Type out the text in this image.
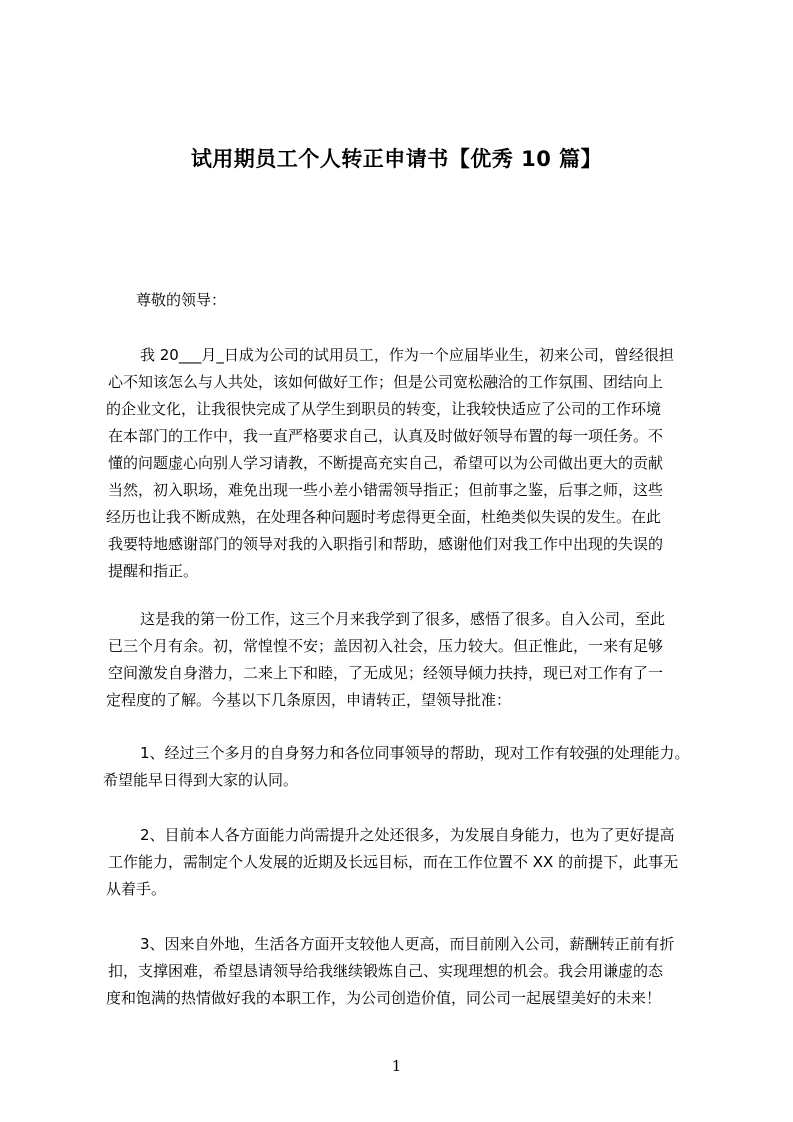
试用期员工个人转正申请书【优秀 10 篇】
尊敬的领导：
我 20___月_日成为公司的试用员工，作为一个应届毕业生，初来公司，曾经很担
心不知该怎么与人共处，该如何做好工作；但是公司宽松融洽的工作氛围、团结向上
的企业文化，让我很快完成了从学生到职员的转变，让我较快适应了公司的工作环境
在本部门的工作中，我一直严格要求自己，认真及时做好领导布置的每一项任务。不
懂的问题虚心向别人学习请教，不断提高充实自己，希望可以为公司做出更大的贡献
当然，初入职场，难免出现一些小差小错需领导指正；但前事之鉴，后事之师，这些
经历也让我不断成熟，在处理各种问题时考虑得更全面，杜绝类似失误的发生。在此
我要特地感谢部门的领导对我的入职指引和帮助，感谢他们对我工作中出现的失误的
提醒和指正。
这是我的第一份工作，这三个月来我学到了很多，感悟了很多。自入公司，至此
已三个月有余。初，常惶惶不安；盖因初入社会，压力较大。但正惟此，一来有足够
空间激发自身潜力，二来上下和睦，了无成见；经领导倾力扶持，现已对工作有了一
定程度的了解。今基以下几条原因，申请转正，望领导批准：
1、经过三个多月的自身努力和各位同事领导的帮助，现对工作有较强的处理能力。
希望能早日得到大家的认同。
2、目前本人各方面能力尚需提升之处还很多，为发展自身能力，也为了更好提高
工作能力，需制定个人发展的近期及长远目标，而在工作位置不 XX 的前提下，此事无
从着手。
3、因来自外地，生活各方面开支较他人更高，而目前刚入公司，薪酬转正前有折
扣，支撑困难，希望恳请领导给我继续锻炼自己、实现理想的机会。我会用谦虚的态
度和饱满的热情做好我的本职工作，为公司创造价值，同公司一起展望美好的未来！
1
